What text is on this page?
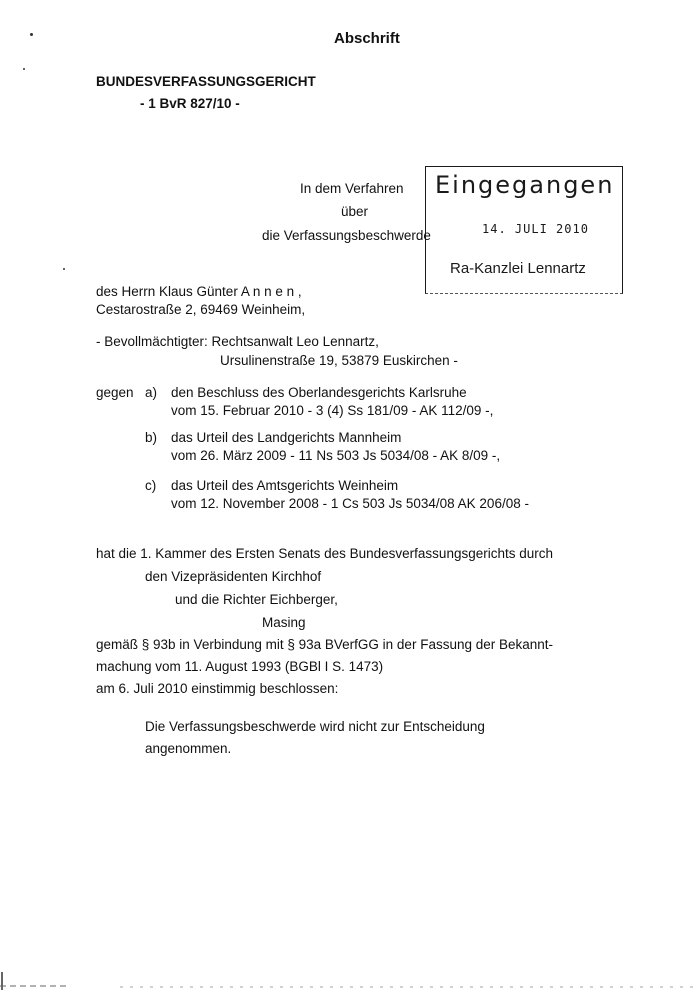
Abschrift
BUNDESVERFASSUNGSGERICHT
- 1 BvR 827/10 -
In dem Verfahren
über
die Verfassungsbeschwerde
Eingegangen
14. JULI 2010
Ra-Kanzlei Lennartz
des Herrn Klaus Günter A n n e n ,
Cestarostraße 2, 69469 Weinheim,
- Bevollmächtigter: Rechtsanwalt Leo Lennartz,
Ursulinenstraße 19, 53879 Euskirchen -
gegen a) den Beschluss des Oberlandesgerichts Karlsruhe
vom 15. Februar 2010 - 3 (4) Ss 181/09 - AK 112/09 -,
b) das Urteil des Landgerichts Mannheim
vom 26. März 2009 - 11 Ns 503 Js 5034/08 - AK 8/09 -,
c) das Urteil des Amtsgerichts Weinheim
vom 12. November 2008 - 1 Cs 503 Js 5034/08 AK 206/08 -
hat die 1. Kammer des Ersten Senats des Bundesverfassungsgerichts durch
den Vizepräsidenten Kirchhof
und die Richter Eichberger,
Masing
gemäß § 93b in Verbindung mit § 93a BVerfGG in der Fassung der Bekannt-
machung vom 11. August 1993 (BGBl I S. 1473)
am 6. Juli 2010 einstimmig beschlossen:
Die Verfassungsbeschwerde wird nicht zur Entscheidung
angenommen.
